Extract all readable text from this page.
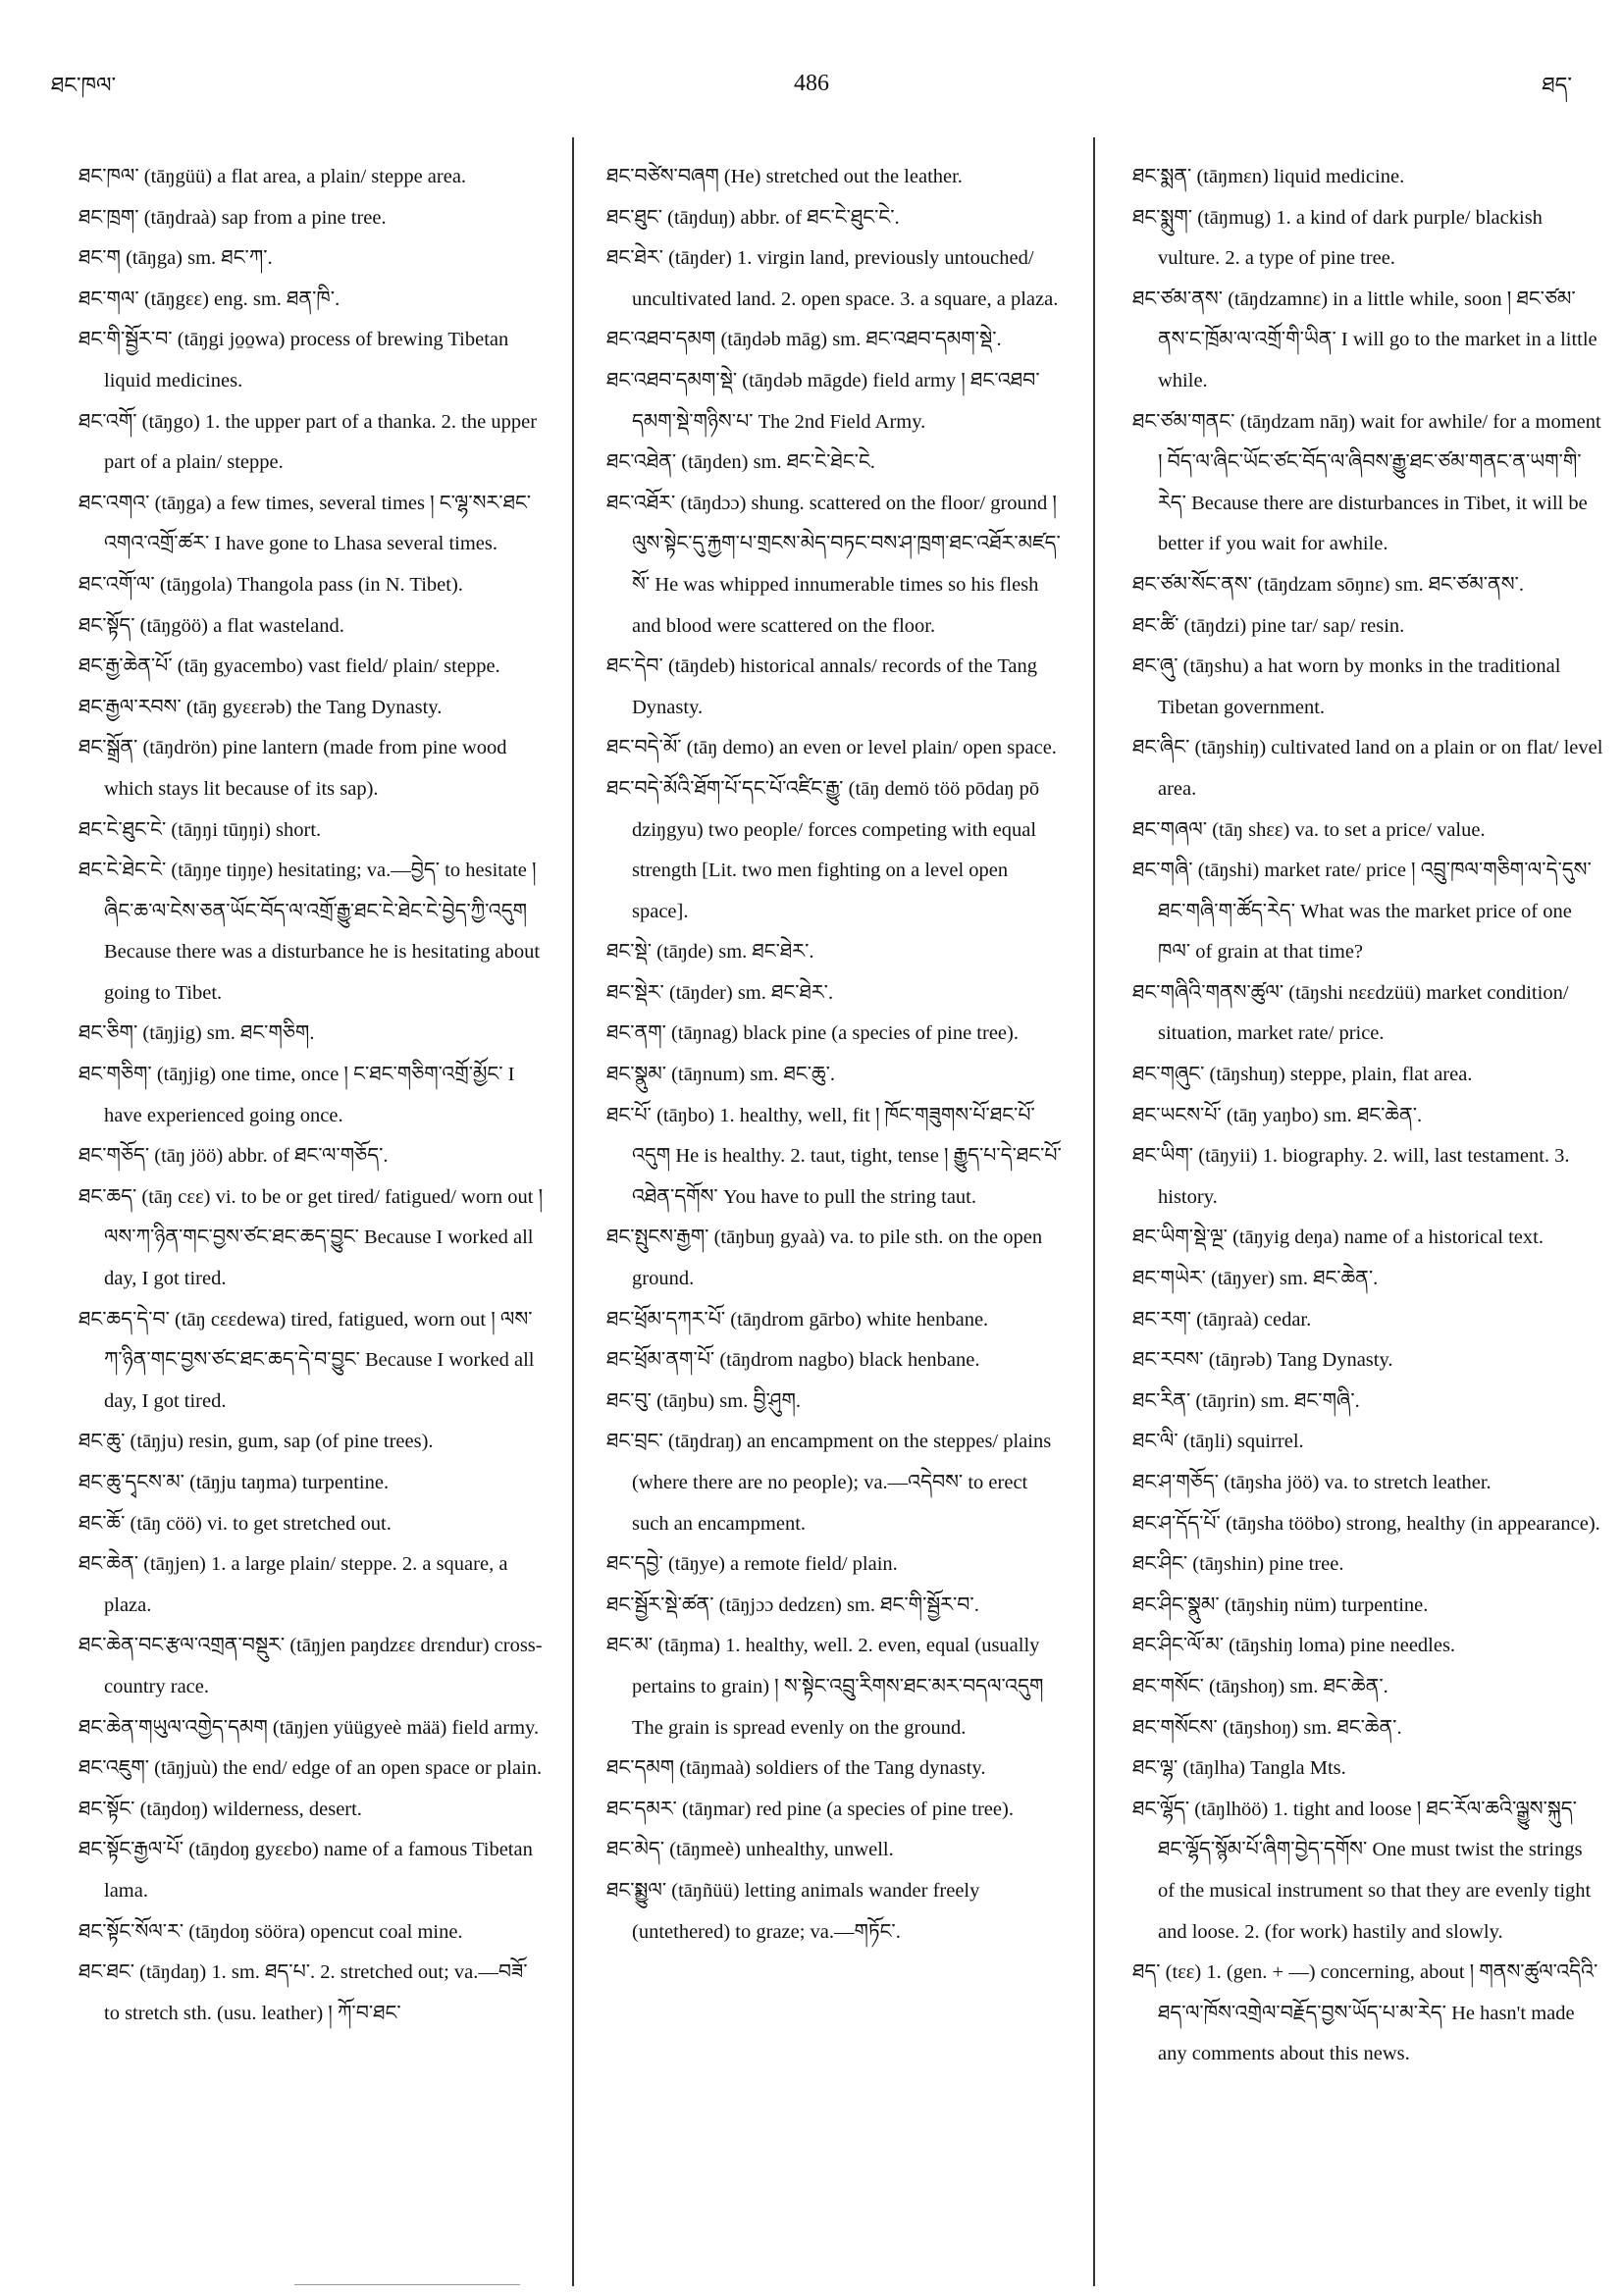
ཐང་ཁལ་	486	ཐད་

ཐང་ཁལ་ (tāŋgüü) a flat area, a plain/ steppe area.

ཐང་ཁྲག་ (tāŋdraà) sap from a pine tree.

ཐང་ག (tāŋga) sm. ཐང་ཀ་.

ཐང་གལ་ (tāŋgɛɛ) eng. sm. ཐན་ཁི་.

ཐང་གི་སྦྱོར་བ་ (tāŋgi jo̱o̱wa) process of brewing Tibetan liquid medicines.

ཐང་འགོ་ (tāŋgo) 1. the upper part of a thanka. 2. the upper part of a plain/ steppe.

ཐང་འགའ་ (tāŋga) a few times, several times ། ང་ལྷ་སར་ཐང་འགའ་འགྲོ་ཚར་ I have gone to Lhasa several times.

ཐང་འགོ་ལ་ (tāŋgola) Thangola pass (in N. Tibet).

ཐང་སྟོད་ (tāŋgöö) a flat wasteland.

ཐང་རྒྱ་ཆེན་པོ་ (tāŋ gyacembo) vast field/ plain/ steppe.

ཐང་རྒྱལ་རབས་ (tāŋ gyɛɛrəb) the Tang Dynasty.

ཐང་སྒྲོན་ (tāŋdrön) pine lantern (made from pine wood which stays lit because of its sap).

ཐང་ངེ་ཐུང་ངེ་ (tāŋŋi tūŋŋi) short.

ཐང་ངེ་ཐེང་ངེ་ (tāŋŋe tiŋŋe) hesitating; va.—བྱེད་ to hesitate ། ཞིང་ཆ་ལ་ངེས་ཅན་ཡོང་བོད་ལ་འགྲོ་རྒྱུ་ཐང་ངེ་ཐེང་ངེ་བྱེད་ཀྱི་འདུག Because there was a disturbance he is hesitating about going to Tibet.

ཐང་ཅིག་ (tāŋjig) sm. ཐང་གཅིག.

ཐང་གཅིག་ (tāŋjig) one time, once ། ང་ཐང་གཅིག་འགྲོ་མྱོང་ I have experienced going once.

ཐང་གཅོད་ (tāŋ jöö) abbr. of ཐང་ལ་གཅོད་.

ཐང་ཆད་ (tāŋ cɛɛ) vi. to be or get tired/ fatigued/ worn out ། ལས་ཀ་ཉིན་གང་བྱས་ཙང་ཐང་ཆད་བྱུང་ Because I worked all day, I got tired.

ཐང་ཆད་དེ་བ་ (tāŋ cɛɛdewa) tired, fatigued, worn out ། ལས་ཀ་ཉིན་གང་བྱས་ཙང་ཐང་ཆད་དེ་བ་བྱུང་ Because I worked all day, I got tired.

ཐང་ཆུ་ (tāŋju) resin, gum, sap (of pine trees).

ཐང་ཆུ་དྭངས་མ་ (tāŋju taŋma) turpentine.

ཐང་ཆོ་ (tāŋ cöö) vi. to get stretched out.

ཐང་ཆེན་ (tāŋjen) 1. a large plain/ steppe. 2. a square, a plaza.

ཐང་ཆེན་བང་རྩལ་འགྲན་བསྡུར་ (tāŋjen paŋdzɛɛ drɛndur) cross-country race.

ཐང་ཆེན་གཡུལ་འགྱེད་དམག (tāŋjen yüügyeè mää) field army.

ཐང་འཇུག་ (tāŋjuù) the end/ edge of an open space or plain.

ཐང་སྟོང་ (tāŋdoŋ) wilderness, desert.

ཐང་སྟོང་རྒྱལ་པོ་ (tāŋdoŋ gyɛɛbo) name of a famous Tibetan lama.

ཐང་སྟོང་སོལ་ར་ (tāŋdoŋ sööra) opencut coal mine.

ཐང་ཐང་ (tāŋdaŋ) 1. sm. ཐད་པ་. 2. stretched out; va.—བཟོ་ to stretch sth. (usu. leather) ། ཀོ་བ་ཐང་

ཐང་བཙེས་བཞག (He) stretched out the leather.

ཐང་ཐུང་ (tāŋduŋ) abbr. of ཐང་ངེ་ཐུང་ངེ་.

ཐང་ཐེར་ (tāŋder) 1. virgin land, previously untouched/ uncultivated land. 2. open space. 3. a square, a plaza.

ཐང་འཐབ་དམག (tāŋdəb māg) sm. ཐང་འཐབ་དམག་སྡེ་.

ཐང་འཐབ་དམག་སྡེ་ (tāŋdəb māgde) field army ། ཐང་འཐབ་དམག་སྡེ་གཉིས་པ་ The 2nd Field Army.

ཐང་འཐེན་ (tāŋden) sm. ཐང་ངེ་ཐེང་ངེ.

ཐང་འཐོར་ (tāŋdɔɔ) shung. scattered on the floor/ ground ། ལུས་སྟེང་དུ་རྐྱག་པ་གྲངས་མེད་བཏང་བས་ཤ་ཁྲག་ཐང་འཐོར་མཛད་སོ་ He was whipped innumerable times so his flesh and blood were scattered on the floor.

ཐང་དེབ་ (tāŋdeb) historical annals/ records of the Tang Dynasty.

ཐང་བདེ་མོ་ (tāŋ demo) an even or level plain/ open space.

ཐང་བདེ་མོའི་ཐོག་པོ་དང་པོ་འཛིང་རྒྱུ་ (tāŋ demö töö pōdaŋ pō dziŋgyu) two people/ forces competing with equal strength [Lit. two men fighting on a level open space].

ཐང་སྡེ་ (tāŋde) sm. ཐང་ཐེར་.

ཐང་སྡེར་ (tāŋder) sm. ཐང་ཐེར་.

ཐང་ནག་ (tāŋnag) black pine (a species of pine tree).

ཐང་སྣུམ་ (tāŋnum) sm. ཐང་ཆུ་.

ཐང་པོ་ (tāŋbo) 1. healthy, well, fit ། ཁོང་གཟུགས་པོ་ཐང་པོ་འདུག He is healthy. 2. taut, tight, tense ། རྒྱུད་པ་དེ་ཐང་པོ་འཐེན་དགོས་ You have to pull the string taut.

ཐང་སྤུངས་རྒྱག་ (tāŋbuŋ gyaà) va. to pile sth. on the open ground.

ཐང་ཕྲོམ་དཀར་པོ་ (tāŋdrom gārbo) white henbane.

ཐང་ཕྲོམ་ནག་པོ་ (tāŋdrom nagbo) black henbane.

ཐང་བུ་ (tāŋbu) sm. བྱི་ཤུག.

ཐང་བྲང་ (tāŋdraŋ) an encampment on the steppes/ plains (where there are no people); va.—འདེབས་ to erect such an encampment.

ཐང་དབྱེ་ (tāŋye) a remote field/ plain.

ཐང་སྦྱོར་སྡེ་ཚན་ (tāŋjɔɔ dedzɛn) sm. ཐང་གི་སྦྱོར་བ་.

ཐང་མ་ (tāŋma) 1. healthy, well. 2. even, equal (usually pertains to grain) ། ས་སྟེང་འབྲུ་རིགས་ཐང་མར་བདལ་འདུག The grain is spread evenly on the ground.

ཐང་དམག (tāŋmaà) soldiers of the Tang dynasty.

ཐང་དམར་ (tāŋmar) red pine (a species of pine tree).

ཐང་མེད་ (tāŋmeè) unhealthy, unwell.

ཐང་སྨྱུལ་ (tāŋñüü) letting animals wander freely (untethered) to graze; va.—གཏོང་.

ཐང་སྨན་ (tāŋmɛn) liquid medicine.

ཐང་སྨུག་ (tāŋmug) 1. a kind of dark purple/ blackish vulture. 2. a type of pine tree.

ཐང་ཙམ་ནས་ (tāŋdzamnɛ) in a little while, soon ། ཐང་ཙམ་ནས་ང་ཁྲོམ་ལ་འགྲོ་གི་ཡིན་ I will go to the market in a little while.

ཐང་ཙམ་གནང་ (tāŋdzam nāŋ) wait for awhile/ for a moment ། བོད་ལ་ཞིང་ཡོང་ཙང་བོད་ལ་ཞིབས་རྒྱུ་ཐང་ཙམ་གནང་ན་ཡག་གི་རེད་ Because there are disturbances in Tibet, it will be better if you wait for awhile.

ཐང་ཙམ་སོང་ནས་ (tāŋdzam sōŋnɛ) sm. ཐང་ཙམ་ནས་.

ཐང་ཚི་ (tāŋdzi) pine tar/ sap/ resin.

ཐང་ཞུ་ (tāŋshu) a hat worn by monks in the traditional Tibetan government.

ཐང་ཞིང་ (tāŋshiŋ) cultivated land on a plain or on flat/ level area.

ཐང་གཞལ་ (tāŋ shɛɛ) va. to set a price/ value.

ཐང་གཞི་ (tāŋshi) market rate/ price ། འབྲུ་ཁལ་གཅིག་ལ་དེ་དུས་ཐང་གཞི་ག་ཚོད་རེད་ What was the market price of one ཁལ་ of grain at that time?

ཐང་གཞིའི་གནས་ཚུལ་ (tāŋshi nɛɛdzüü) market condition/ situation, market rate/ price.

ཐང་གཞུང་ (tāŋshuŋ) steppe, plain, flat area.

ཐང་ཡངས་པོ་ (tāŋ yaŋbo) sm. ཐང་ཆེན་.

ཐང་ཡིག་ (tāŋyii) 1. biography. 2. will, last testament. 3. history.

ཐང་ཡིག་སྡེ་ལྔ་ (tāŋyig deŋa) name of a historical text.

ཐང་གཡེར་ (tāŋyer) sm. ཐང་ཆེན་.

ཐང་རག་ (tāŋraà) cedar.

ཐང་རབས་ (tāŋrəb) Tang Dynasty.

ཐང་རིན་ (tāŋrin) sm. ཐང་གཞི་.

ཐང་ལི་ (tāŋli) squirrel.

ཐང་ཤ་གཅོད་ (tāŋsha jöö) va. to stretch leather.

ཐང་ཤ་དོད་པོ་ (tāŋsha tööbo) strong, healthy (in appearance).

ཐང་ཤིང་ (tāŋshin) pine tree.

ཐང་ཤིང་སྣུམ་ (tāŋshiŋ nüm) turpentine.

ཐང་ཤིང་ལོ་མ་ (tāŋshiŋ loma) pine needles.

ཐང་གསོང་ (tāŋshoŋ) sm. ཐང་ཆེན་.

ཐང་གསོངས་ (tāŋshoŋ) sm. ཐང་ཆེན་.

ཐང་ལྷ་ (tāŋlha) Tangla Mts.

ཐང་ལྷོད་ (tāŋlhöö) 1. tight and loose ། ཐང་རོལ་ཆའི་ལྒྱུས་སྐུད་ཐང་ལྷོད་སྙོམ་པོ་ཞིག་བྱེད་དགོས་ One must twist the strings of the musical instrument so that they are evenly tight and loose. 2. (for work) hastily and slowly.

ཐད་ (tɛɛ) 1. (gen. + —) concerning, about ། གནས་ཚུལ་འདིའི་ཐད་ལ་ཁོས་འགྲེལ་བརྗོད་བྱས་ཡོད་པ་མ་རེད་ He hasn't made any comments about this news.
